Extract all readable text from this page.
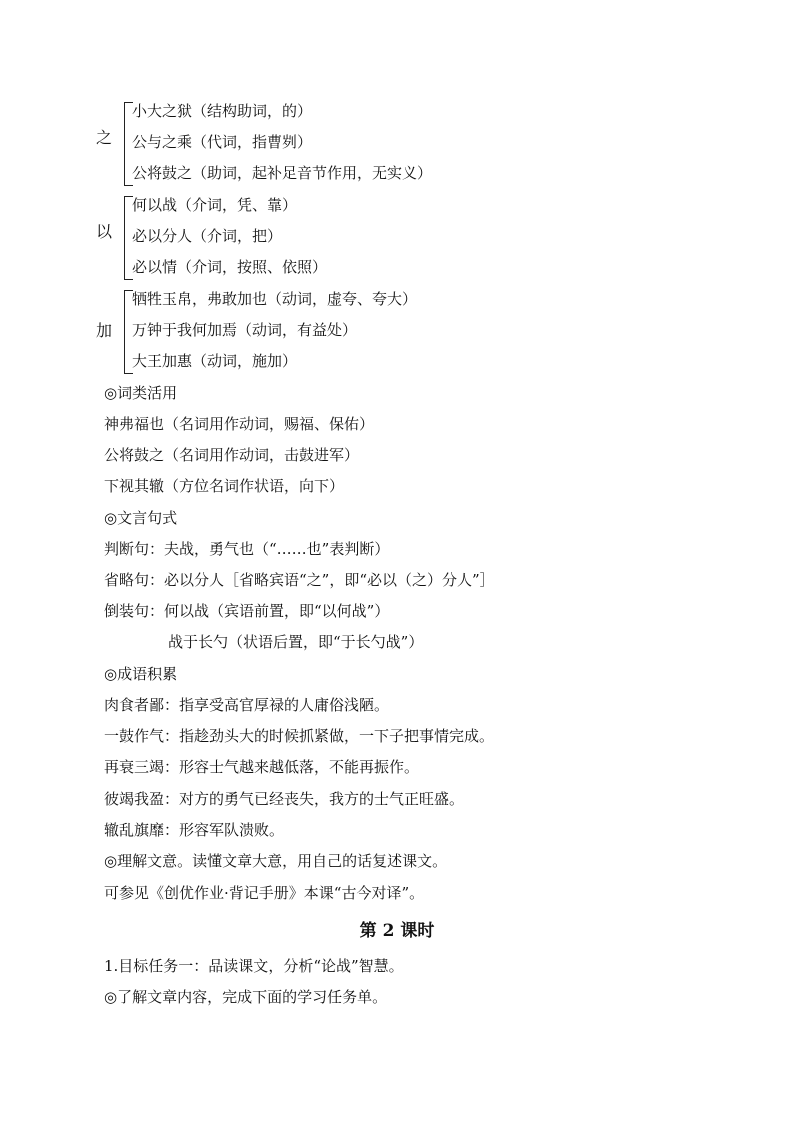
之
小大之狱（结构助词，的）
公与之乘（代词，指曹刿）
公将鼓之（助词，起补足音节作用，无实义）
以
何以战（介词，凭、靠）
必以分人（介词，把）
必以情（介词，按照、依照）
加
牺牲玉帛，弗敢加也（动词，虚夸、夸大）
万钟于我何加焉（动词，有益处）
大王加惠（动词，施加）
◎词类活用
神弗福也（名词用作动词，赐福、保佑）
公将鼓之（名词用作动词，击鼓进军）
下视其辙（方位名词作状语，向下）
◎文言句式
判断句：夫战，勇气也（“……也”表判断）
省略句：必以分人［省略宾语“之”，即“必以（之）分人”］
倒装句：何以战（宾语前置，即“以何战”）
战于长勺（状语后置，即“于长勺战”）
◎成语积累
肉食者鄙：指享受高官厚禄的人庸俗浅陋。
一鼓作气：指趁劲头大的时候抓紧做，一下子把事情完成。
再衰三竭：形容士气越来越低落，不能再振作。
彼竭我盈：对方的勇气已经丧失，我方的士气正旺盛。
辙乱旗靡：形容军队溃败。
◎理解文意。读懂文章大意，用自己的话复述课文。
可参见《创优作业·背记手册》本课“古今对译”。
第 2 课时
1.目标任务一：品读课文，分析“论战”智慧。
◎了解文章内容，完成下面的学习任务单。
